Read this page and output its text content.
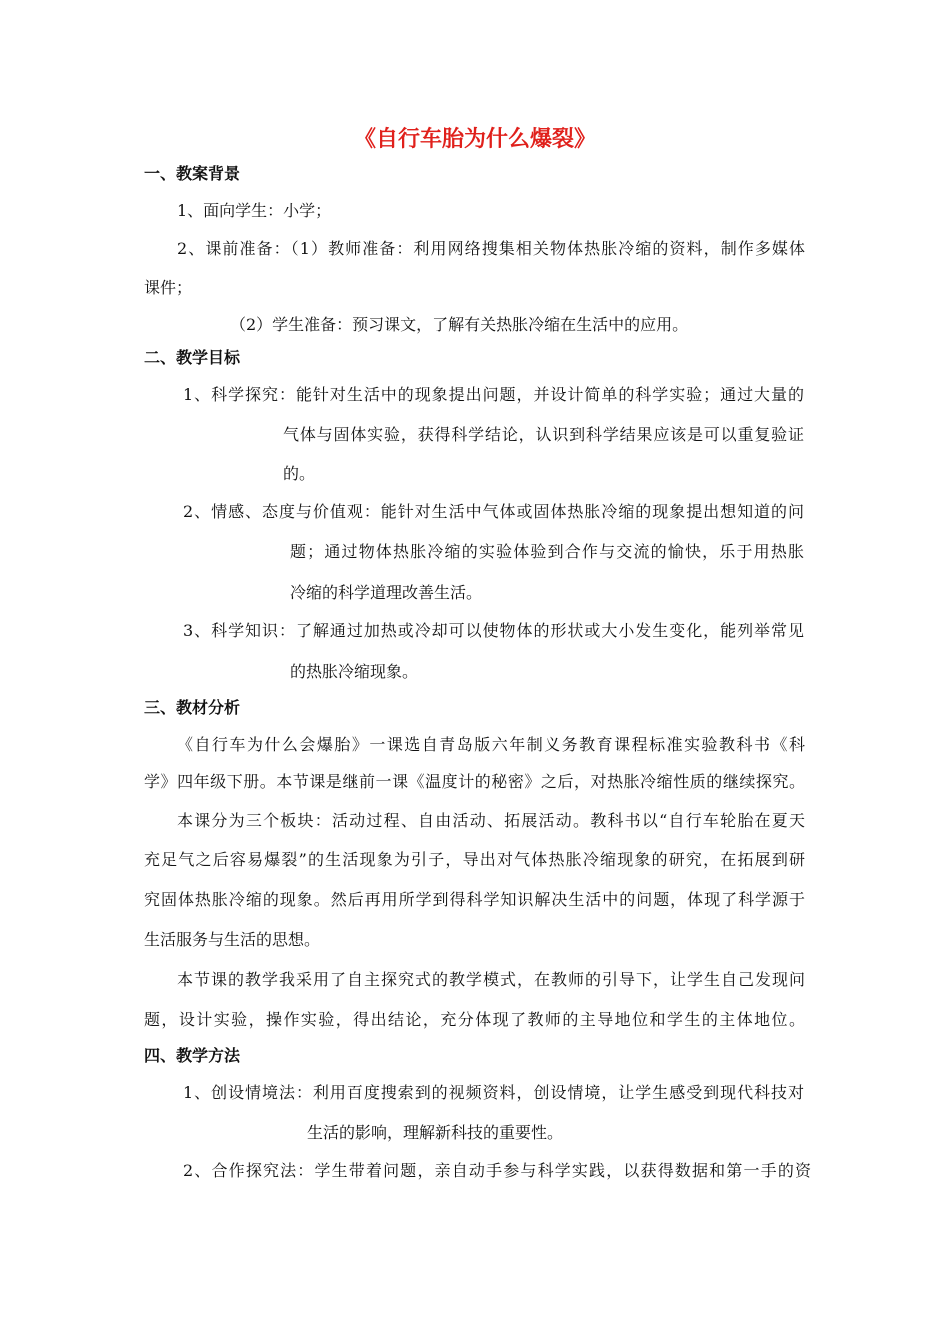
《自行车胎为什么爆裂》
一、教案背景
1、面向学生：小学；
2、课前准备：（1）教师准备：利用网络搜集相关物体热胀冷缩的资料，制作多媒体
课件；
（2）学生准备：预习课文，了解有关热胀冷缩在生活中的应用。
二、教学目标
1、科学探究：能针对生活中的现象提出问题，并设计简单的科学实验；通过大量的
气体与固体实验，获得科学结论，认识到科学结果应该是可以重复验证
的。
2、情感、态度与价值观：能针对生活中气体或固体热胀冷缩的现象提出想知道的问
题；通过物体热胀冷缩的实验体验到合作与交流的愉快，乐于用热胀
冷缩的科学道理改善生活。
3、科学知识：了解通过加热或冷却可以使物体的形状或大小发生变化，能列举常见
的热胀冷缩现象。
三、教材分析
《自行车为什么会爆胎》一课选自青岛版六年制义务教育课程标准实验教科书《科
学》四年级下册。本节课是继前一课《温度计的秘密》之后，对热胀冷缩性质的继续探究。
本课分为三个板块：活动过程、自由活动、拓展活动。教科书以“自行车轮胎在夏天
充足气之后容易爆裂”的生活现象为引子，导出对气体热胀冷缩现象的研究，在拓展到研
究固体热胀冷缩的现象。然后再用所学到得科学知识解决生活中的问题，体现了科学源于
生活服务与生活的思想。
本节课的教学我采用了自主探究式的教学模式，在教师的引导下，让学生自己发现问
题，设计实验，操作实验，得出结论，充分体现了教师的主导地位和学生的主体地位。
四、教学方法
1、创设情境法：利用百度搜索到的视频资料，创设情境，让学生感受到现代科技对
生活的影响，理解新科技的重要性。
2、合作探究法：学生带着问题，亲自动手参与科学实践，以获得数据和第一手的资
